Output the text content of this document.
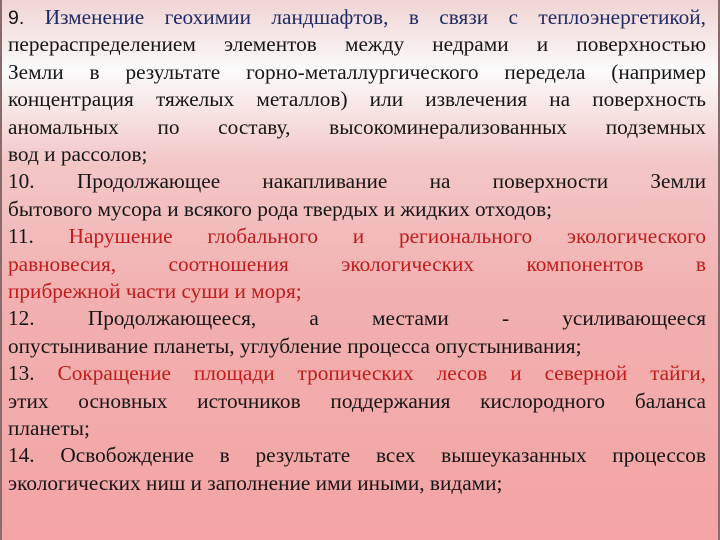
9. Изменение геохимии ландшафтов, в связи с теплоэнергетикой,
перераспределением элементов между недрами и поверхностью
Земли в результате горно-металлургического передела (например
концентрация тяжелых металлов) или извлечения на поверхность
аномальных по составу, высокоминерализованных подземных
вод и рассолов;
10. Продолжающее накапливание на поверхности Земли
бытового мусора и всякого рода твердых и жидких отходов;
11. Нарушение глобального и регионального экологического
равновесия, соотношения экологических компонентов в
прибрежной части суши и моря;
12. Продолжающееся, а местами - усиливающееся
опустынивание планеты, углубление процесса опустынивания;
13. Сокращение площади тропических лесов и северной тайги,
этих основных источников поддержания кислородного баланса
планеты;
14. Освобождение в результате всех вышеуказанных процессов
экологических ниш и заполнение ими иными, видами;
